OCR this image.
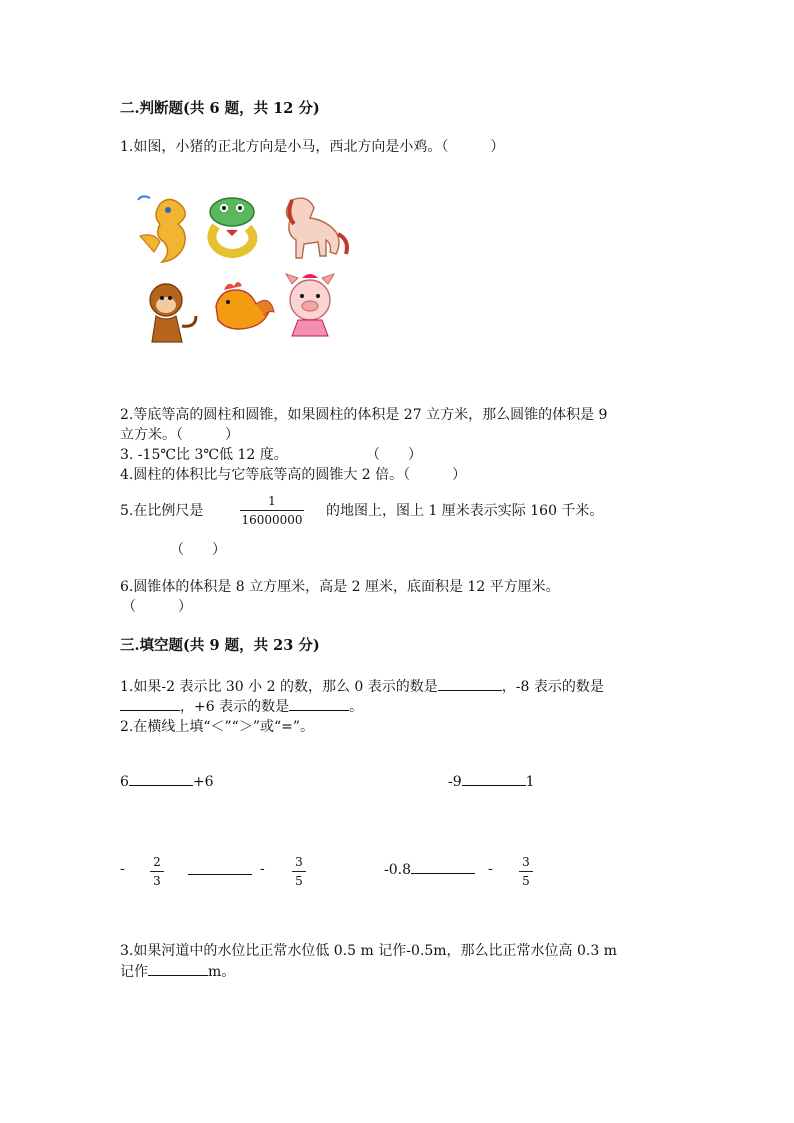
二.判断题(共 6 题，共 12 分)
1.如图，小猪的正北方向是小马，西北方向是小鸡。（　　　）
2.等底等高的圆柱和圆锥，如果圆柱的体积是 27 立方米，那么圆锥的体积是 9
立方米。（　　　）
3. -15℃比 3℃低 12 度。	（　　）
4.圆柱的体积比与它等底等高的圆锥大 2 倍。（　　　）
5.在比例尺是
1
16000000
的地图上，图上 1 厘米表示实际 160 千米。
（　　）
6.圆锥体的体积是 8 立方厘米，高是 2 厘米，底面积是 12 平方厘米。
（　　　）
三.填空题(共 9 题，共 23 分)
1.如果-2 表示比 30 小 2 的数，那么 0 表示的数是	，-8 表示的数是
，+6 表示的数是	。
2.在横线上填“＜”“＞”或“=”。
6	+6	-9	1
- 2
3
-	3
5
-0.8	- 3
5
3.如果河道中的水位比正常水位低 0.5 m 记作-0.5m，那么比正常水位高 0.3 m
记作	m。
